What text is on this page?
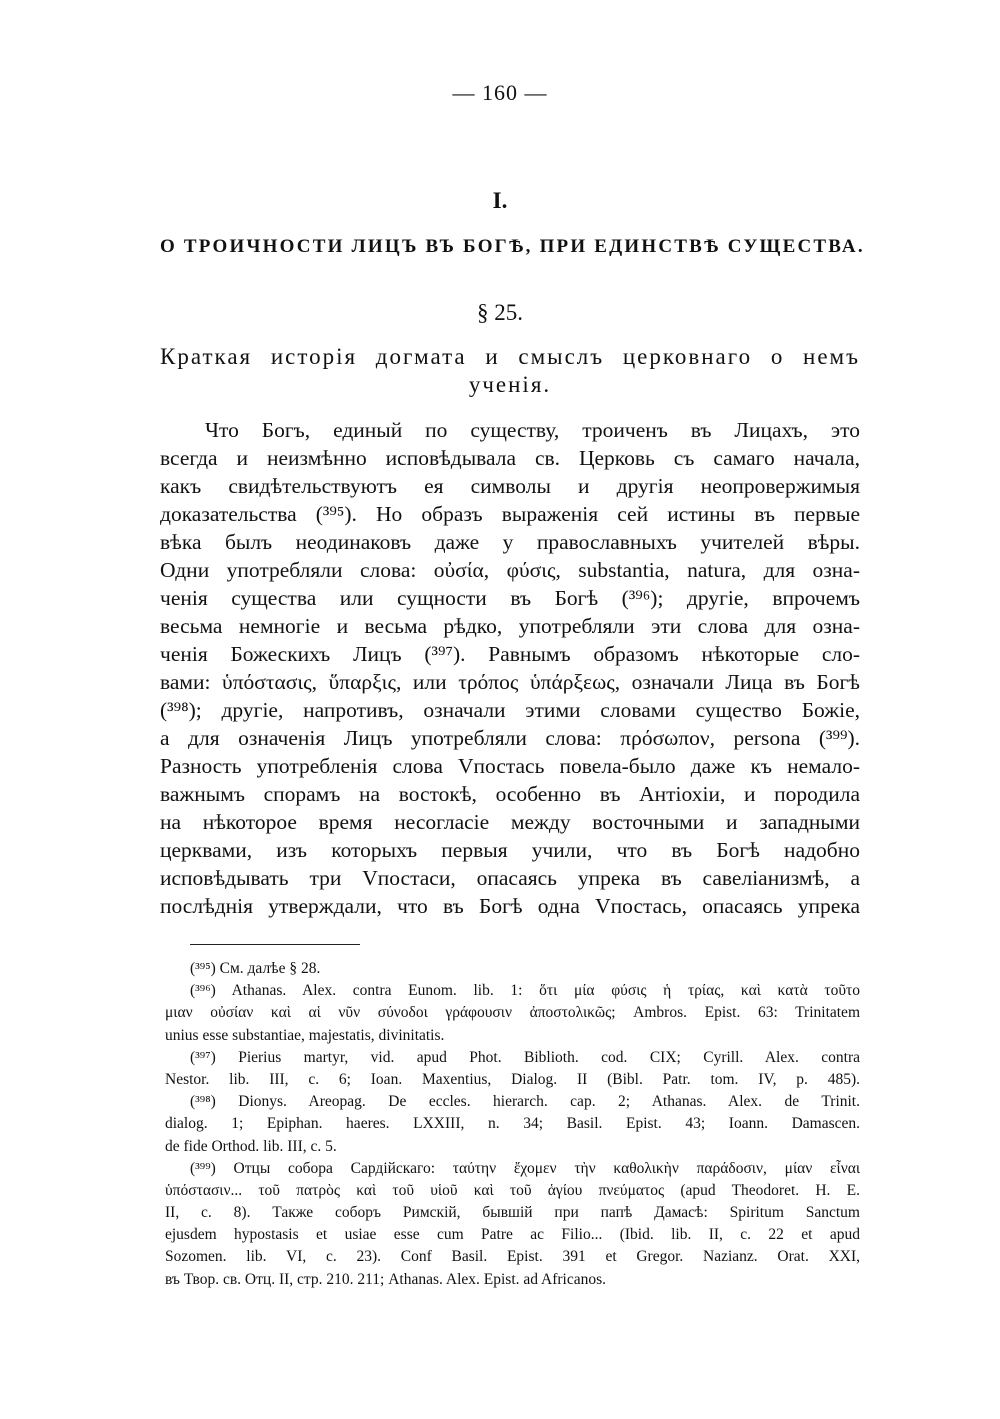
— 160 —
I.
О ТРОИЧНОСТИ ЛИЦЪ ВЪ БОГѢ, ПРИ ЕДИНСТВѢ СУЩЕСТВА.
§ 25.
Краткая исторія догмата и смыслъ церковнаго о немъ
ученія.
Что Богъ, единый по существу, троиченъ въ Лицахъ, это
всегда и неизмѣнно исповѣдывала св. Церковь съ самаго начала,
какъ свидѣтельствуютъ ея символы и другія неопровержимыя
доказательства (³⁹⁵). Но образъ выраженія сей истины въ первые
вѣка былъ неодинаковъ даже у православныхъ учителей вѣры.
Одни употребляли слова: οὐσία, φύσις, substantia, natura, для озна-
ченія существа или сущности въ Богѣ (³⁹⁶); другіе, впрочемъ
весьма немногіе и весьма рѣдко, употребляли эти слова для озна-
ченія Божескихъ Лицъ (³⁹⁷). Равнымъ образомъ нѣкоторые сло-
вами: ὑπόστασις, ὕπαρξις, или τρόπος ὑπάρξεως, означали Лица въ Богѣ
(³⁹⁸); другіе, напротивъ, означали этими словами существо Божіе,
а для означенія Лицъ употребляли слова: πρόσωπον, persona (³⁹⁹).
Разность употребленія слова Vпостась повела-было даже къ немало-
важнымъ спорамъ на востокѣ, особенно въ Антіохіи, и породила
на нѣкоторое время несогласіе между восточными и западными
церквами, изъ которыхъ первыя учили, что въ Богѣ надобно
исповѣдывать три Vпостаси, опасаясь упрека въ савеліанизмѣ, а
послѣднія утверждали, что въ Богѣ одна Vпостась, опасаясь упрека
(³⁹⁵) См. далѣе § 28.
(³⁹⁶) Athanas. Alex. contra Eunom. lib. 1: ὅτι μία φύσις ἡ τρίας, καὶ κατὰ τοῦτο
μιαν οὐσίαν καὶ αἱ νῦν σύνοδοι γράφουσιν ἀποστολικῶς; Ambros. Epist. 63: Trinitatem
unius esse substantiae, majestatis, divinitatis.
(³⁹⁷) Pierius martyr, vid. apud Phot. Biblioth. cod. CIX; Cyrill. Alex. contra
Nestor. lib. III, c. 6; Ioan. Maxentius, Dialog. II (Bibl. Patr. tom. IV, p. 485).
(³⁹⁸) Dionys. Areopag. De eccles. hierarch. cap. 2; Athanas. Alex. de Trinit.
dialog. 1; Epiphan. haeres. LXXIII, n. 34; Basil. Epist. 43; Ioann. Damascen.
de fide Orthod. lib. III, c. 5.
(³⁹⁹) Отцы собора Сардійскаго: ταύτην ἔχομεν τὴν καθολικὴν παράδοσιν, μίαν εἶναι
ὑπόστασιν... τοῦ πατρὸς καὶ τοῦ υἱοῦ καὶ τοῦ ἁγίου πνεύματος (apud Theodoret. H. E.
II, c. 8). Также соборъ Римскій, бывшій при папѣ Дамасѣ: Spiritum Sanctum
ejusdem hypostasis et usiae esse cum Patre ac Filio... (Ibid. lib. II, c. 22 et apud
Sozomen. lib. VI, c. 23). Conf Basil. Epist. 391 et Gregor. Nazianz. Orat. XXI,
въ Твор. св. Отц. II, стр. 210. 211; Athanas. Alex. Epist. ad Africanos.
